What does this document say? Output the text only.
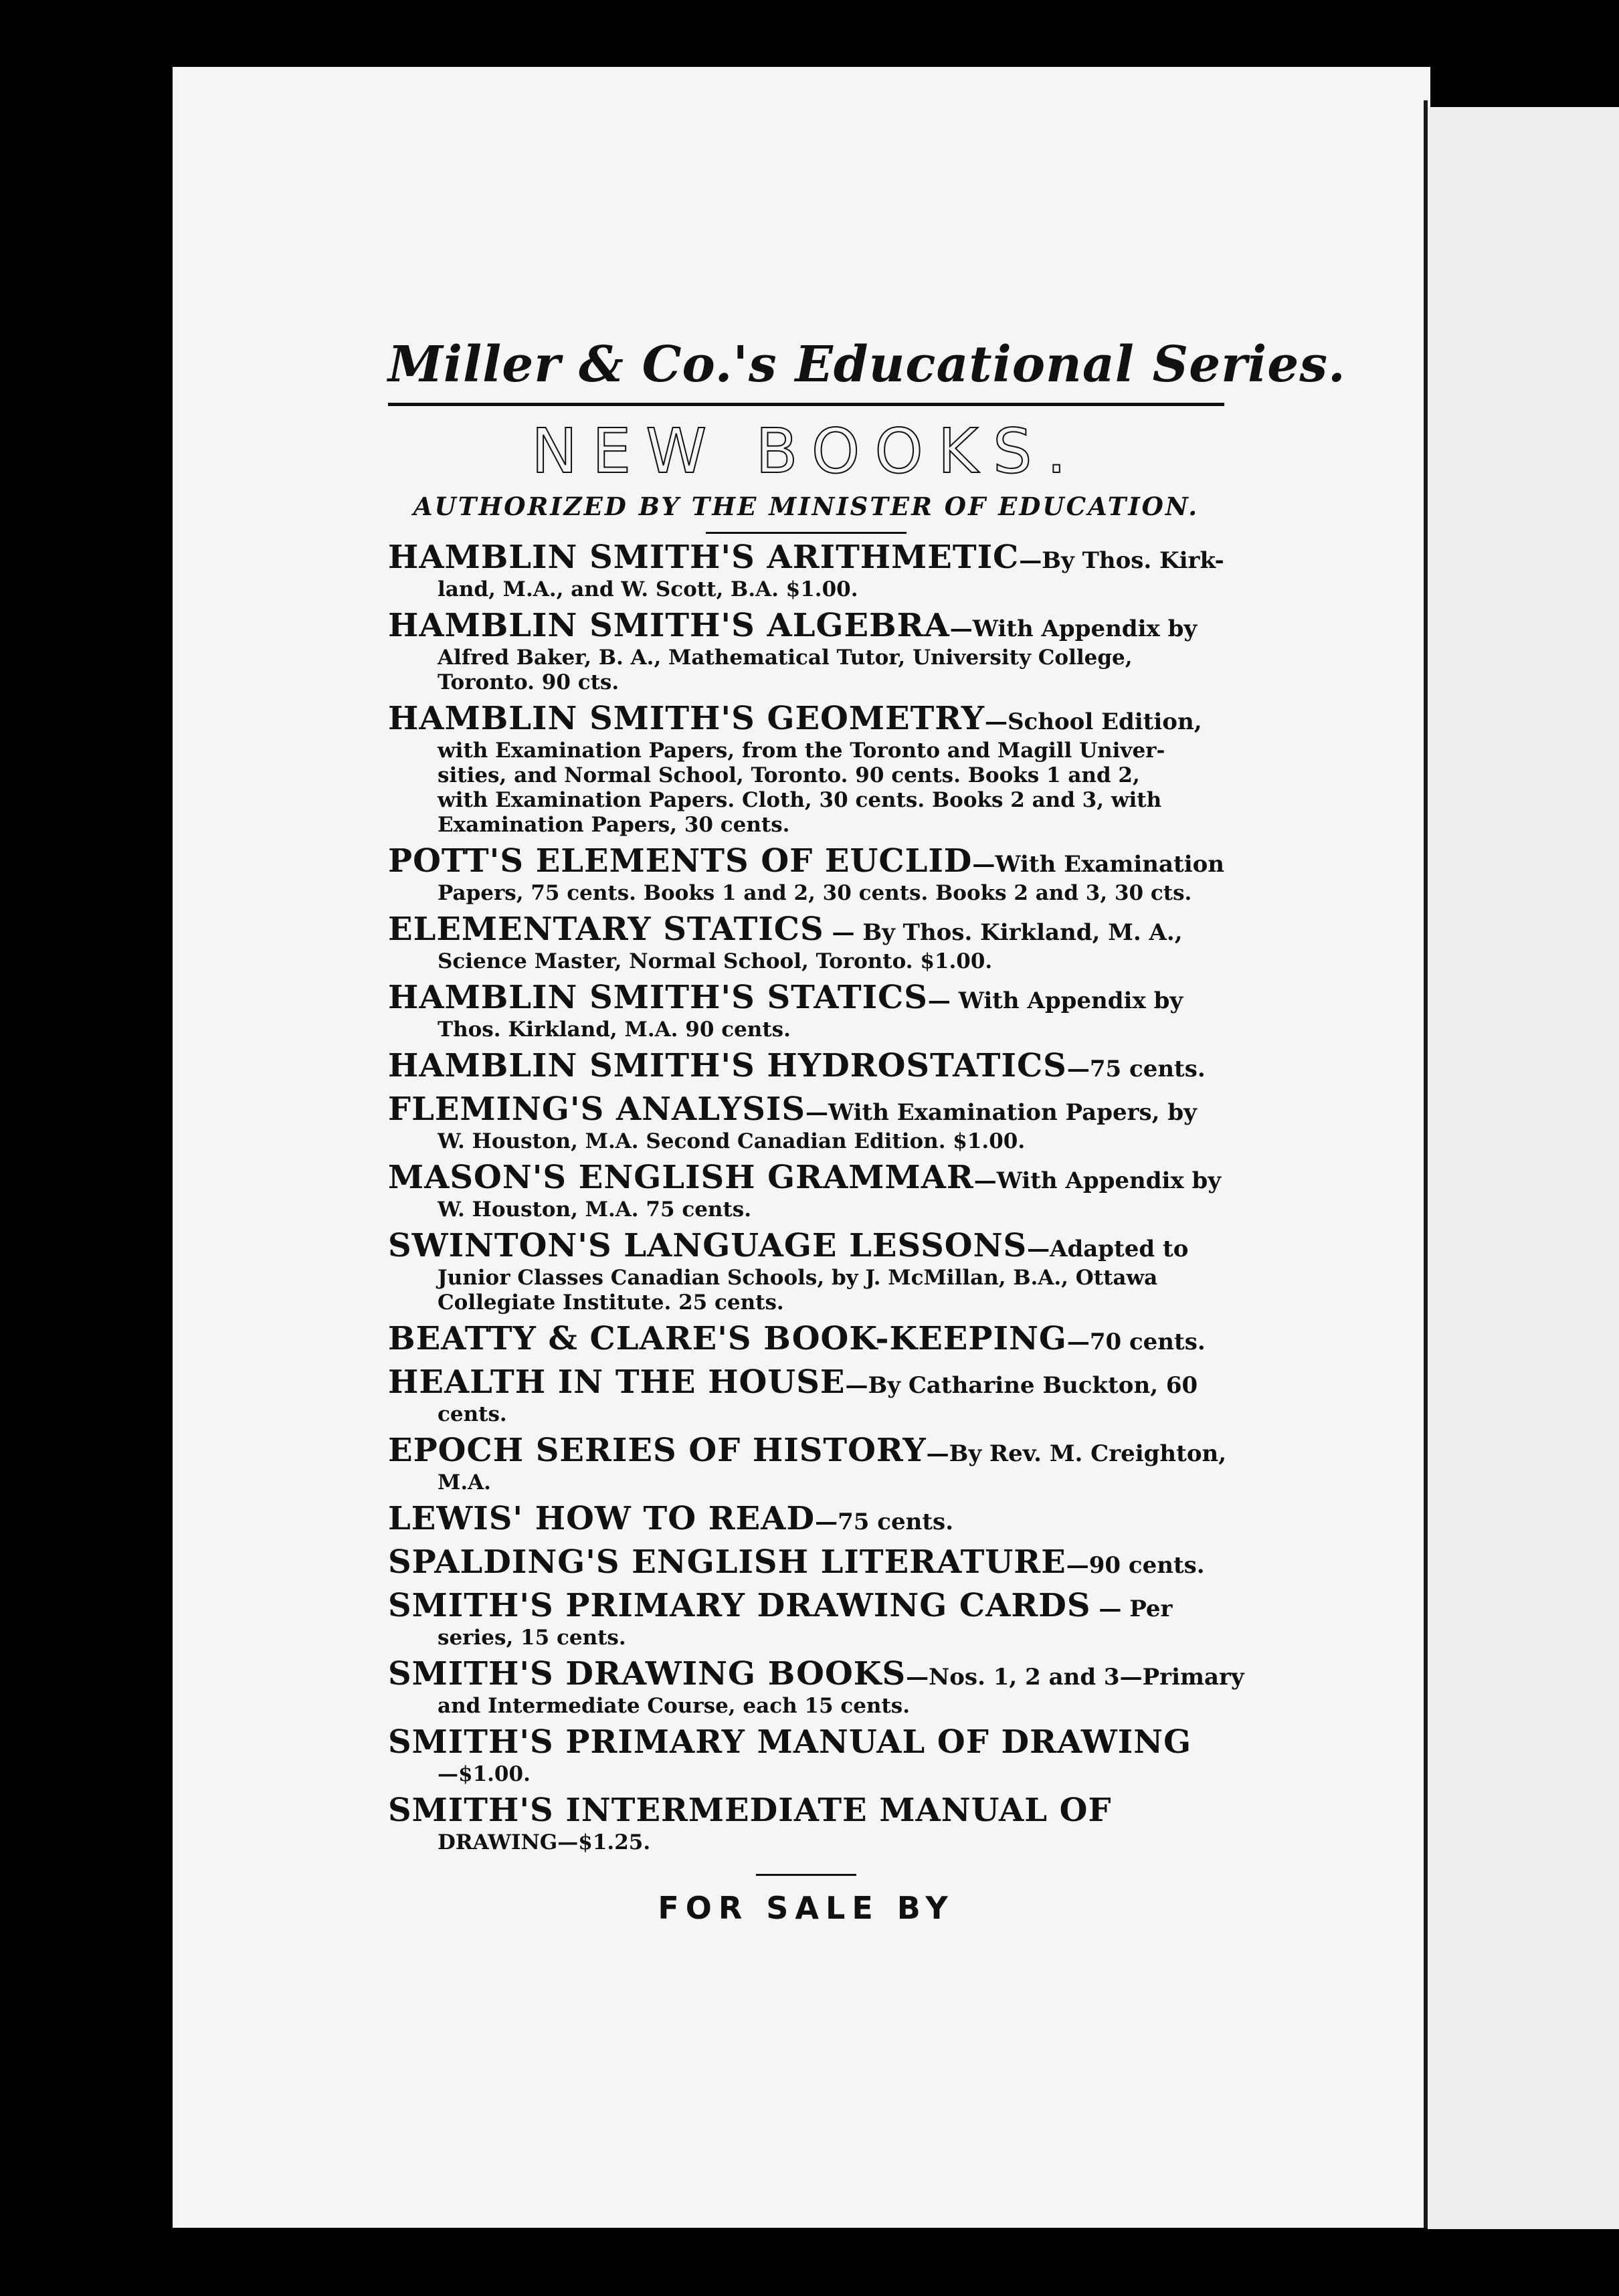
Miller & Co.'s Educational Series.

NEW BOOKS.

AUTHORIZED BY THE MINISTER OF EDUCATION.

HAMBLIN SMITH'S ARITHMETIC—By Thos. Kirk-

land, M.A., and W. Scott, B.A. $1.00.

HAMBLIN SMITH'S ALGEBRA—With Appendix by

Alfred Baker, B. A., Mathematical Tutor, University College,

Toronto. 90 cts.

HAMBLIN SMITH'S GEOMETRY—School Edition,

with Examination Papers, from the Toronto and Magill Univer-

sities, and Normal School, Toronto. 90 cents. Books 1 and 2,

with Examination Papers. Cloth, 30 cents. Books 2 and 3, with

Examination Papers, 30 cents.

POTT'S ELEMENTS OF EUCLID—With Examination

Papers, 75 cents. Books 1 and 2, 30 cents. Books 2 and 3, 30 cts.

ELEMENTARY STATICS — By Thos. Kirkland, M. A.,

Science Master, Normal School, Toronto. $1.00.

HAMBLIN SMITH'S STATICS— With Appendix by

Thos. Kirkland, M.A. 90 cents.

HAMBLIN SMITH'S HYDROSTATICS—75 cents.

FLEMING'S ANALYSIS—With Examination Papers, by

W. Houston, M.A. Second Canadian Edition. $1.00.

MASON'S ENGLISH GRAMMAR—With Appendix by

W. Houston, M.A. 75 cents.

SWINTON'S LANGUAGE LESSONS—Adapted to

Junior Classes Canadian Schools, by J. McMillan, B.A., Ottawa

Collegiate Institute. 25 cents.

BEATTY & CLARE'S BOOK-KEEPING—70 cents.

HEALTH IN THE HOUSE—By Catharine Buckton, 60

cents.

EPOCH SERIES OF HISTORY—By Rev. M. Creighton,

M.A.

LEWIS' HOW TO READ—75 cents.

SPALDING'S ENGLISH LITERATURE—90 cents.

SMITH'S PRIMARY DRAWING CARDS — Per

series, 15 cents.

SMITH'S DRAWING BOOKS—Nos. 1, 2 and 3—Primary

and Intermediate Course, each 15 cents.

SMITH'S PRIMARY MANUAL OF DRAWING

—$1.00.

SMITH'S INTERMEDIATE MANUAL OF

DRAWING—$1.25.

FOR SALE BY
